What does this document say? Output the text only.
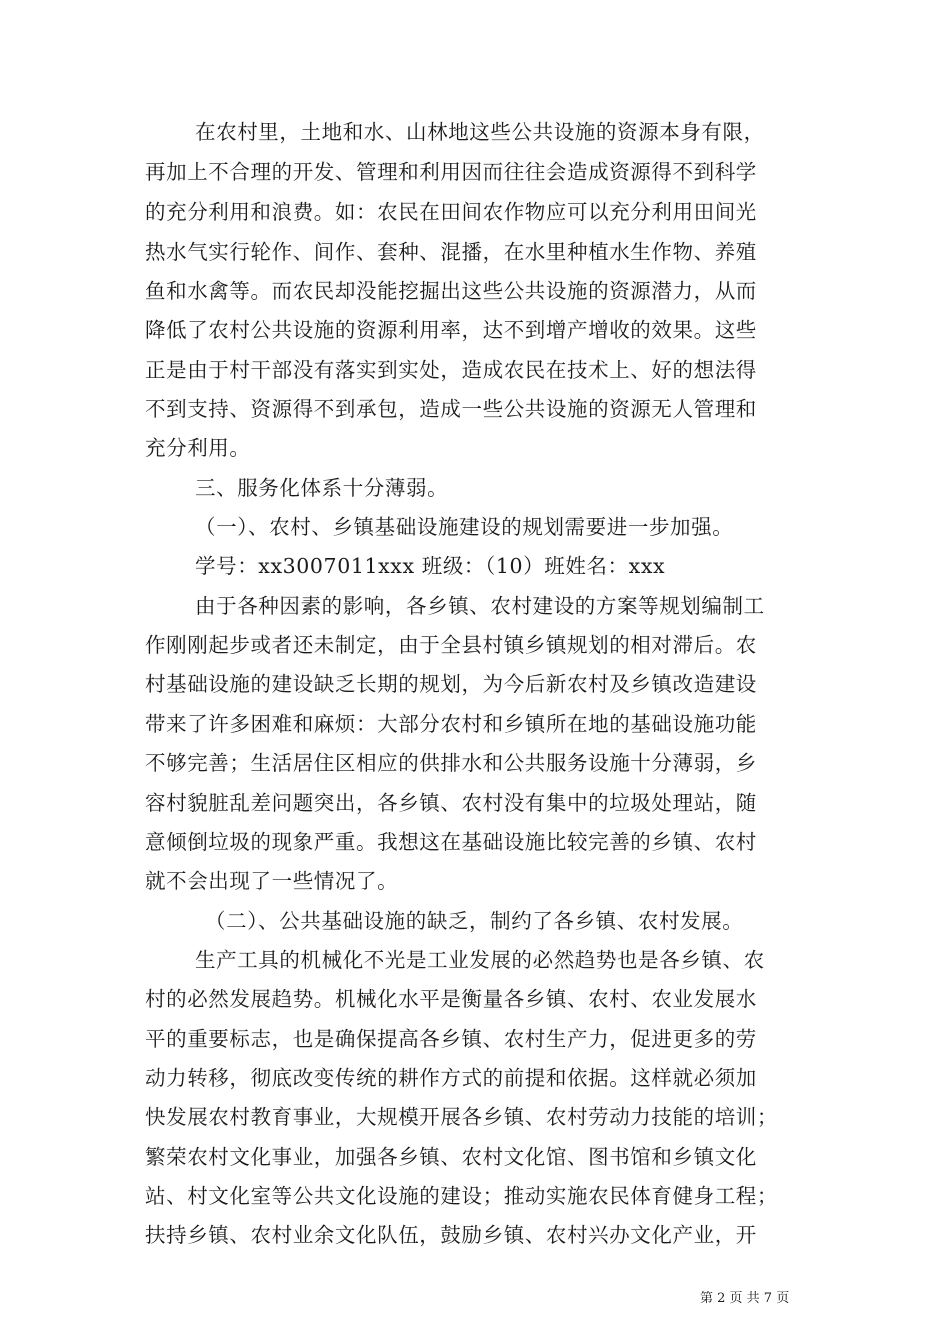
在农村里，土地和水、山林地这些公共设施的资源本身有限，
再加上不合理的开发、管理和利用因而往往会造成资源得不到科学
的充分利用和浪费。如：农民在田间农作物应可以充分利用田间光
热水气实行轮作、间作、套种、混播，在水里种植水生作物、养殖
鱼和水禽等。而农民却没能挖掘出这些公共设施的资源潜力，从而
降低了农村公共设施的资源利用率，达不到增产增收的效果。这些
正是由于村干部没有落实到实处，造成农民在技术上、好的想法得
不到支持、资源得不到承包，造成一些公共设施的资源无人管理和
充分利用。
三、服务化体系十分薄弱。
（一）、农村、乡镇基础设施建设的规划需要进一步加强。
学号：xx3007011xxx 班级：（10）班姓名：xxx
由于各种因素的影响，各乡镇、农村建设的方案等规划编制工
作刚刚起步或者还未制定，由于全县村镇乡镇规划的相对滞后。农
村基础设施的建设缺乏长期的规划，为今后新农村及乡镇改造建设
带来了许多困难和麻烦：大部分农村和乡镇所在地的基础设施功能
不够完善；生活居住区相应的供排水和公共服务设施十分薄弱，乡
容村貌脏乱差问题突出，各乡镇、农村没有集中的垃圾处理站，随
意倾倒垃圾的现象严重。我想这在基础设施比较完善的乡镇、农村
就不会出现了一些情况了。
（二）、公共基础设施的缺乏，制约了各乡镇、农村发展。
生产工具的机械化不光是工业发展的必然趋势也是各乡镇、农
村的必然发展趋势。机械化水平是衡量各乡镇、农村、农业发展水
平的重要标志，也是确保提高各乡镇、农村生产力，促进更多的劳
动力转移，彻底改变传统的耕作方式的前提和依据。这样就必须加
快发展农村教育事业，大规模开展各乡镇、农村劳动力技能的培训；
繁荣农村文化事业，加强各乡镇、农村文化馆、图书馆和乡镇文化
站、村文化室等公共文化设施的建设；推动实施农民体育健身工程；
扶持乡镇、农村业余文化队伍，鼓励乡镇、农村兴办文化产业，开
第 2 页 共 7 页
